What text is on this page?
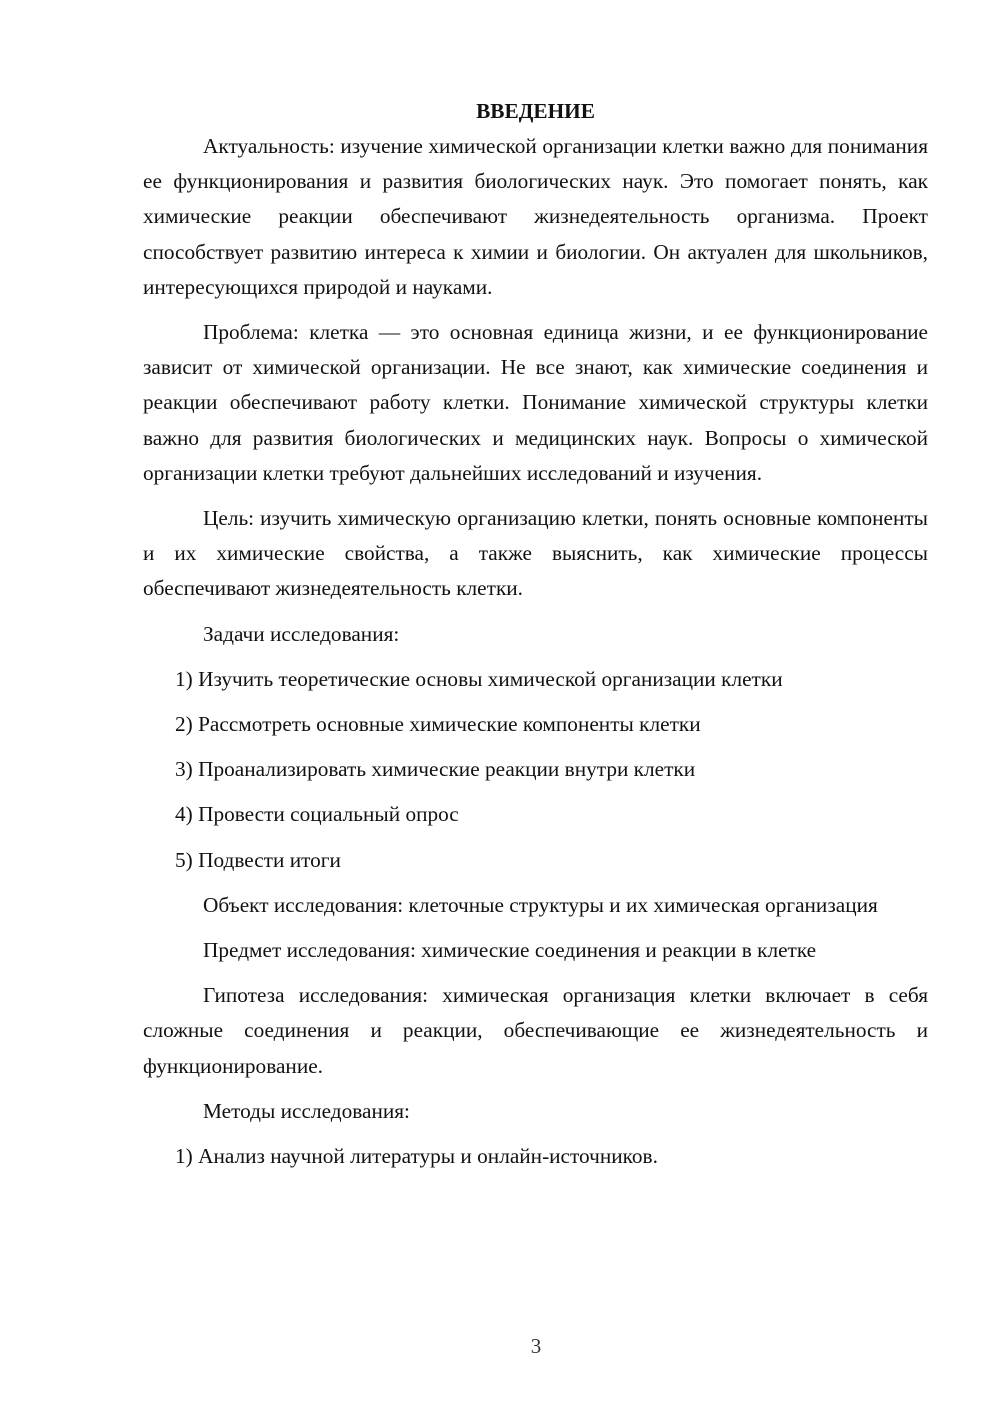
ВВЕДЕНИЕ

Актуальность: изучение химической организации клетки важно для понимания ее функционирования и развития биологических наук. Это помогает понять, как химические реакции обеспечивают жизнедеятельность организма. Проект способствует развитию интереса к химии и биологии. Он актуален для школьников, интересующихся природой и науками.

Проблема: клетка — это основная единица жизни, и ее функционирование зависит от химической организации. Не все знают, как химические соединения и реакции обеспечивают работу клетки. Понимание химической структуры клетки важно для развития биологических и медицинских наук. Вопросы о химической организации клетки требуют дальнейших исследований и изучения.

Цель: изучить химическую организацию клетки, понять основные компоненты и их химические свойства, а также выяснить, как химические процессы обеспечивают жизнедеятельность клетки.

Задачи исследования:

1) Изучить теоретические основы химической организации клетки

2) Рассмотреть основные химические компоненты клетки

3) Проанализировать химические реакции внутри клетки

4) Провести социальный опрос

5) Подвести итоги

Объект исследования: клеточные структуры и их химическая организация

Предмет исследования: химические соединения и реакции в клетке

Гипотеза исследования: химическая организация клетки включает в себя сложные соединения и реакции, обеспечивающие ее жизнедеятельность и функционирование.

Методы исследования:

1) Анализ научной литературы и онлайн-источников.

3
